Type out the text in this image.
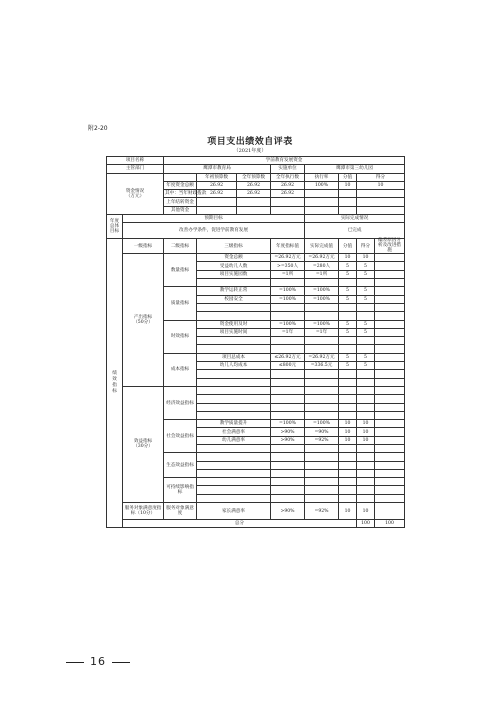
附2-20
项目支出绩效自评表
（2021年度）
项目名称		学前教育发展资金								
主管部门		鹰潭市教育局			实施单位	鹰潭市第三幼儿园				
资金情况
（万元）			年初预算数	全年预算数	全年执行数	执行率	分值	得分		
		年度资金总额	26.92	26.92	26.92	100%	10	10		
		其中：当年财政拨款	26.92	26.92	26.92					
		上年结转资金								
		其他资金								
年度总体目标	预期目标					实际完成情况				
	改善办学条件，促进学前教育发展					已完成				
绩效指标	一级指标	二级指标	三级指标		年度指标值	实际完成值	分值	得分	偏差原因分析及改进措施	
	产出指标
（50分）	数量指标	资金总额		=26.92万元	=26.92万元	10	10		
			受益幼儿人数		>=350人	=280人	5	5		
			项目实施园数		=1所	=1所	5	5		

		质量指标	教学运转正常		=100%	=100%	5	5		
			校园安全		=100%	=100%	5	5		

		时效指标	资金使用及时		=100%	=100%	5	5		
			项目实施时间		=1年	=1年	5	5		

		成本指标	项目总成本		≤26.92万元	=26.92万元	5	5		
			幼儿人均成本		≤800元	=336.5元	5	5		

	效益指标
（30分）	经济效益指标								

		社会效益指标	教学质量提升		=100%	=100%	10	10		
			社会满意率		>90%	=90%	10	10		
			幼儿满意率		>90%	=92%	10	10		

		生态效益指标								

		可持续影响指标								

	服务对象满意度指标（10分）	服务对象满意度	家长满意率		>90%	=92%	10	10		
	总分							100	100	
16
